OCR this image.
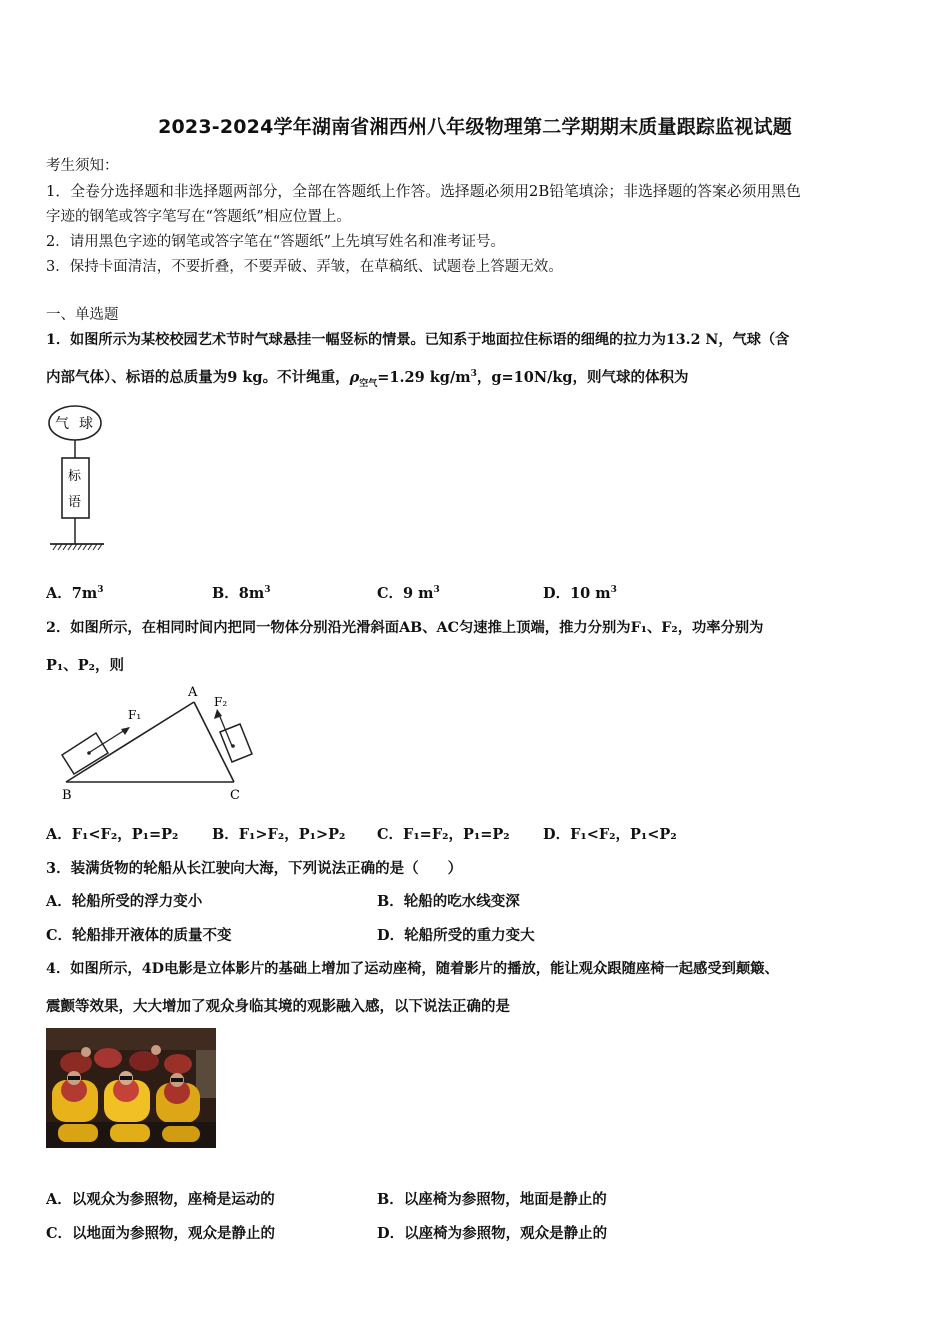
2023-2024学年湖南省湘西州八年级物理第二学期期末质量跟踪监视试题
考生须知：
1．全卷分选择题和非选择题两部分，全部在答题纸上作答。选择题必须用2B铅笔填涂；非选择题的答案必须用黑色
字迹的钢笔或答字笔写在“答题纸”相应位置上。
2．请用黑色字迹的钢笔或答字笔在“答题纸”上先填写姓名和准考证号。
3．保持卡面清洁，不要折叠，不要弄破、弄皱，在草稿纸、试题卷上答题无效。
一、单选题
1．如图所示为某校校园艺术节时气球悬挂一幅竖标的情景。已知系于地面拉住标语的细绳的拉力为13.2 N，气球（含
内部气体）、标语的总质量为9 kg。不计绳重，$\rho_{空气}=1.29$ $kg/m^3$，g=10N/kg，则气球的体积为
气 球
标
语
A．$7m^3$	B．$8m^3$	C．9 $m^3$	D．10 $m^3$
2．如图所示，在相同时间内把同一物体分别沿光滑斜面AB、AC匀速推上顶端，推力分别为F₁、F₂，功率分别为
P₁、P₂，则
A
B	C
F₁
F₂
A．F₁<F₂，P₁=P₂ B．F₁>F₂，P₁>P₂ C．F₁=F₂，P₁=P₂ D．F₁<F₂，P₁<P₂
3．装满货物的轮船从长江驶向大海，下列说法正确的是（　　）
A．轮船所受的浮力变小	B．轮船的吃水线变深
C．轮船排开液体的质量不变	D．轮船所受的重力变大
4．如图所示，4D电影是立体影片的基础上增加了运动座椅，随着影片的播放，能让观众跟随座椅一起感受到颠簸、
震颤等效果，大大增加了观众身临其境的观影融入感，以下说法正确的是
A．以观众为参照物，座椅是运动的	B．以座椅为参照物，地面是静止的
C．以地面为参照物，观众是静止的	D．以座椅为参照物，观众是静止的
